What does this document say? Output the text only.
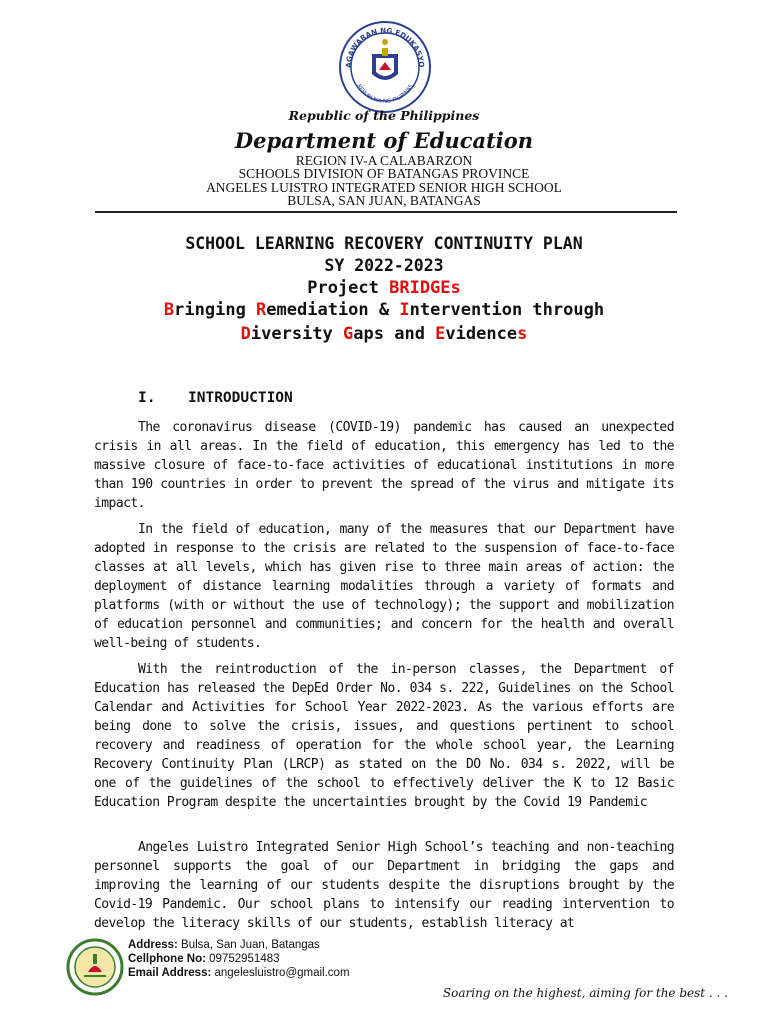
AGAWARAN NG EDUKASYO
REPUBLIKA NG PILIPINAS
Republic of the Philippines
Department of Education
REGION IV-A CALABARZON
SCHOOLS DIVISION OF BATANGAS PROVINCE
ANGELES LUISTRO INTEGRATED SENIOR HIGH SCHOOL
BULSA, SAN JUAN, BATANGAS
SCHOOL LEARNING RECOVERY CONTINUITY PLAN
SY 2022-2023
Project BRIDGEs
Bringing Remediation & Intervention through
Diversity Gaps and Evidences
I. INTRODUCTION

The coronavirus disease (COVID-19) pandemic has caused an unexpected crisis in all areas. In the field of education, this emergency has led to the massive closure of face-to-face activities of educational institutions in more than 190 countries in order to prevent the spread of the virus and mitigate its impact.

In the field of education, many of the measures that our Department have adopted in response to the crisis are related to the suspension of face-to-face classes at all levels, which has given rise to three main areas of action: the deployment of distance learning modalities through a variety of formats and platforms (with or without the use of technology); the support and mobilization of education personnel and communities; and concern for the health and overall well-being of students.

With the reintroduction of the in-person classes, the Department of Education has released the DepEd Order No. 034 s. 222, Guidelines on the School Calendar and Activities for School Year 2022-2023. As the various efforts are being done to solve the crisis, issues, and questions pertinent to school recovery and readiness of operation for the whole school year, the Learning Recovery Continuity Plan (LRCP) as stated on the DO No. 034 s. 2022, will be one of the guidelines of the school to effectively deliver the K to 12 Basic Education Program despite the uncertainties brought by the Covid 19 Pandemic

Angeles Luistro Integrated Senior High School’s teaching and non-teaching personnel supports the goal of our Department in bridging the gaps and improving the learning of our students despite the disruptions brought by the Covid-19 Pandemic. Our school plans to intensify our reading intervention to develop the literacy skills of our students, establish literacy at

Address: Bulsa, San Juan, Batangas
Cellphone No: 09752951483
Email Address: angelesluistro@gmail.com
Soaring on the highest, aiming for the best . . .
